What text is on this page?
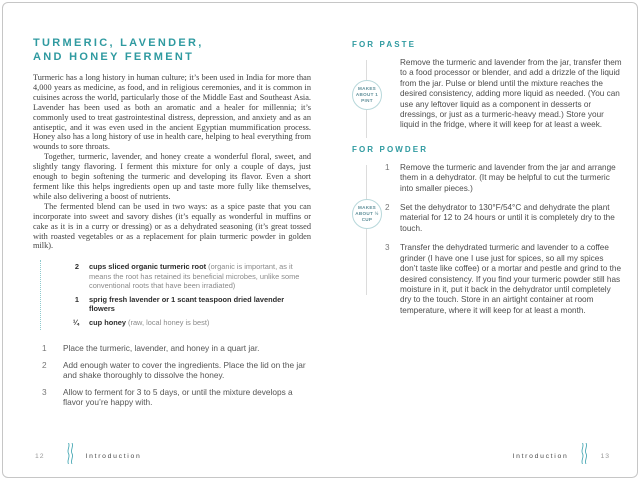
TURMERIC, LAVENDER,
AND HONEY FERMENT

Turmeric has a long history in human culture; it’s been used in India for more than 4,000 years as medicine, as food, and in religious ceremonies, and it is common in cuisines across the world, particularly those of the Middle East and Southeast Asia. Lavender has been used as both an aromatic and a healer for millennia; it’s commonly used to treat gastrointestinal distress, depression, and anxiety and as an antiseptic, and it was even used in the ancient Egyptian mummification process. Honey also has a long history of use in health care, helping to heal everything from wounds to sore throats.

Together, turmeric, lavender, and honey create a wonderful floral, sweet, and slightly tangy flavoring. I ferment this mixture for only a couple of days, just enough to begin softening the turmeric and developing its flavor. Even a short ferment like this helps ingredients open up and taste more fully like themselves, while also delivering a boost of nutrients.

The fermented blend can be used in two ways: as a spice paste that you can incorporate into sweet and savory dishes (it’s equally as wonderful in muffins or cake as it is in a curry or dressing) or as a dehydrated seasoning (it’s great tossed with roasted vegetables or as a replacement for plain turmeric powder in golden milk).

2 cups sliced organic turmeric root (organic is important, as it means the root has retained its beneficial microbes, unlike some conventional roots that have been irradiated)
1 sprig fresh lavender or 1 scant teaspoon dried lavender flowers
¼ cup honey (raw, local honey is best)
1	Place the turmeric, lavender, and honey in a quart jar.
2	Add enough water to cover the ingredients. Place the lid on the jar and shake thoroughly to dissolve the honey.
3	Allow to ferment for 3 to 5 days, or until the mixture develops a flavor you’re happy with.
12	Introduction
FOR PASTE
MAKES ABOUT 1 PINT

Remove the turmeric and lavender from the jar, transfer them to a food processor or blender, and add a drizzle of the liquid from the jar. Pulse or blend until the mixture reaches the desired consistency, adding more liquid as needed. (You can use any leftover liquid as a component in desserts or dressings, or just as a turmeric-heavy mead.) Store your liquid in the fridge, where it will keep for at least a week.

FOR POWDER
MAKES ABOUT ½ CUP
1	Remove the turmeric and lavender from the jar and arrange them in a dehydrator. (It may be helpful to cut the turmeric into smaller pieces.)
2	Set the dehydrator to 130°F/54°C and dehydrate the plant material for 12 to 24 hours or until it is completely dry to the touch.
3	Transfer the dehydrated turmeric and lavender to a coffee grinder (I have one I use just for spices, so all my spices don’t taste like coffee) or a mortar and pestle and grind to the desired consistency. If you find your turmeric powder still has moisture in it, put it back in the dehydrator until completely dry to the touch. Store in an airtight container at room temperature, where it will keep for at least a month.
Introduction	13
